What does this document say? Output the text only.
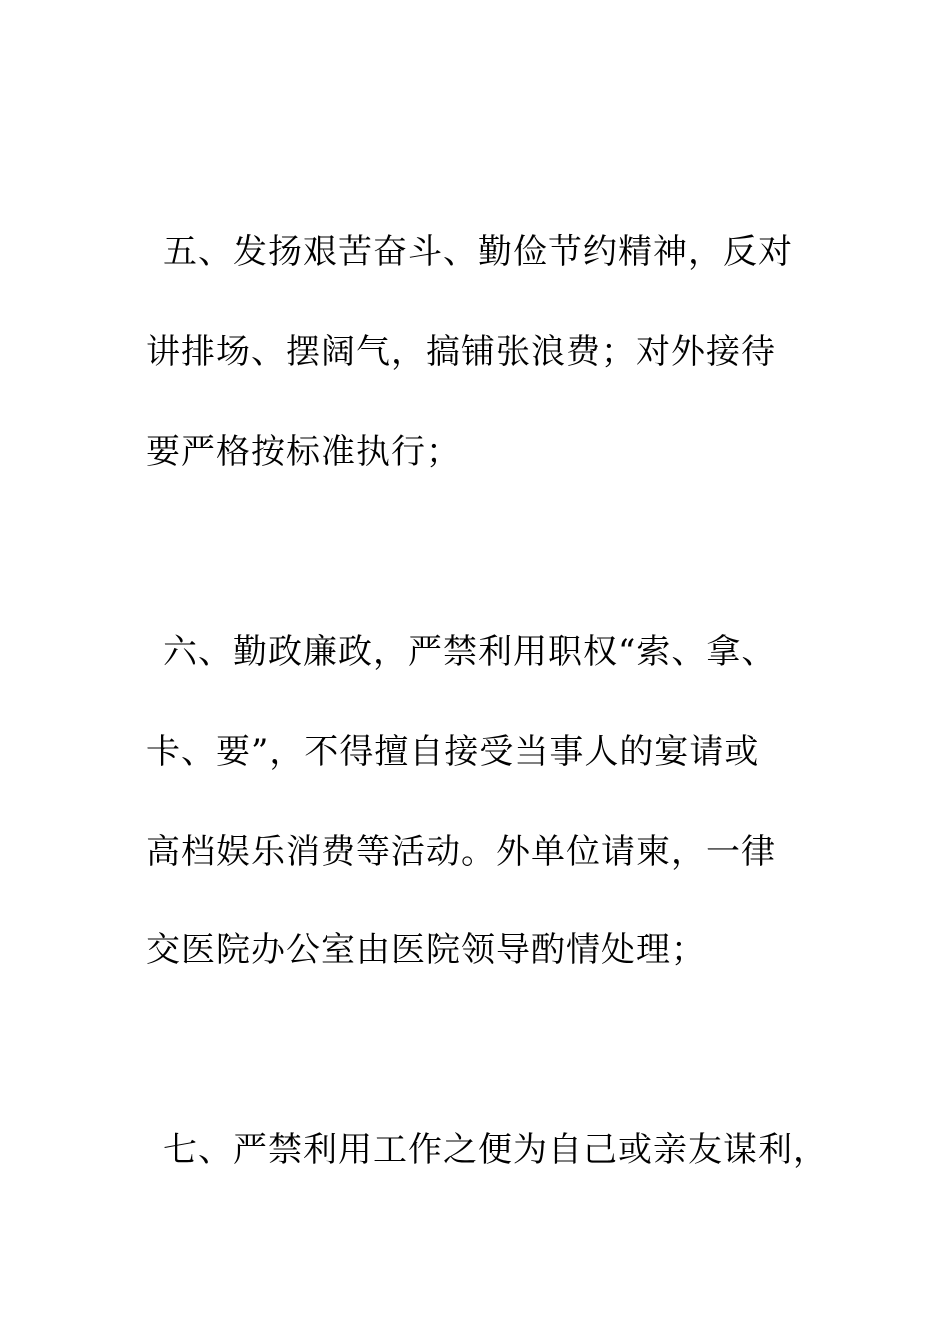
五、发扬艰苦奋斗、勤俭节约精神，反对
讲排场、摆阔气，搞铺张浪费；对外接待
要严格按标准执行；
六、勤政廉政，严禁利用职权“索、拿、
卡、要”，不得擅自接受当事人的宴请或
高档娱乐消费等活动。外单位请柬，一律
交医院办公室由医院领导酌情处理；
七、严禁利用工作之便为自己或亲友谋利，
